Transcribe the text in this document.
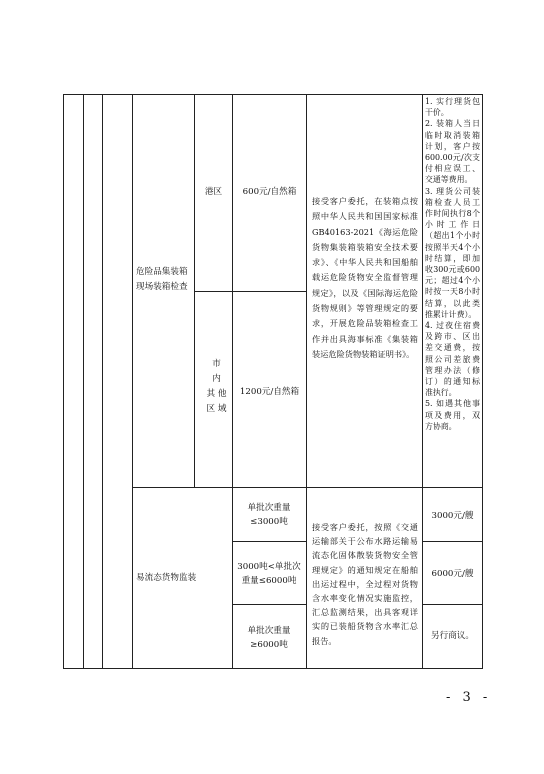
危险品集装箱现场装箱检查
港区	600元/自然箱
市
内
其 他
区 域
1200元/自然箱
接受客户委托，在装箱点按照中华人民共和国国家标准 GB40163-2021《海运危险货物集装箱装箱安全技术要求》、《中华人民共和国船舶载运危险货物安全监督管理规定》，以及《国际海运危险货物规则》等管理规定的要求，开展危险品装箱检查工作并出具海事标准《集装箱装运危险货物装箱证明书》。
1. 实行理货包干价。
2. 装箱人当日临时取消装箱计划，客户按600.00元/次支付相应误工、交通等费用。
3. 理货公司装箱检查人员工作时间执行8个小时工作日（超出1个小时按照半天4个小时结算，即加收300元或600元；超过4个小时按一天8小时结算，以此类推累计计费）。
4. 过夜住宿费及跨市、区出差交通费，按照公司差旅费管理办法（修订）的通知标准执行。
5. 如遇其他事项及费用，双方协商。
易流态货物监装
单批次重量≤3000吨
3000吨<单批次重量≤6000吨
单批次重量≥6000吨
接受客户委托，按照《交通运输部关于公布水路运输易流态化固体散装货物安全管理规定》的通知规定在船舶出运过程中，全过程对货物含水率变化情况实施监控，汇总监测结果，出具客观详实的已装船货物含水率汇总报告。
3000元/艘
6000元/艘
另行商议。
- 3 -
